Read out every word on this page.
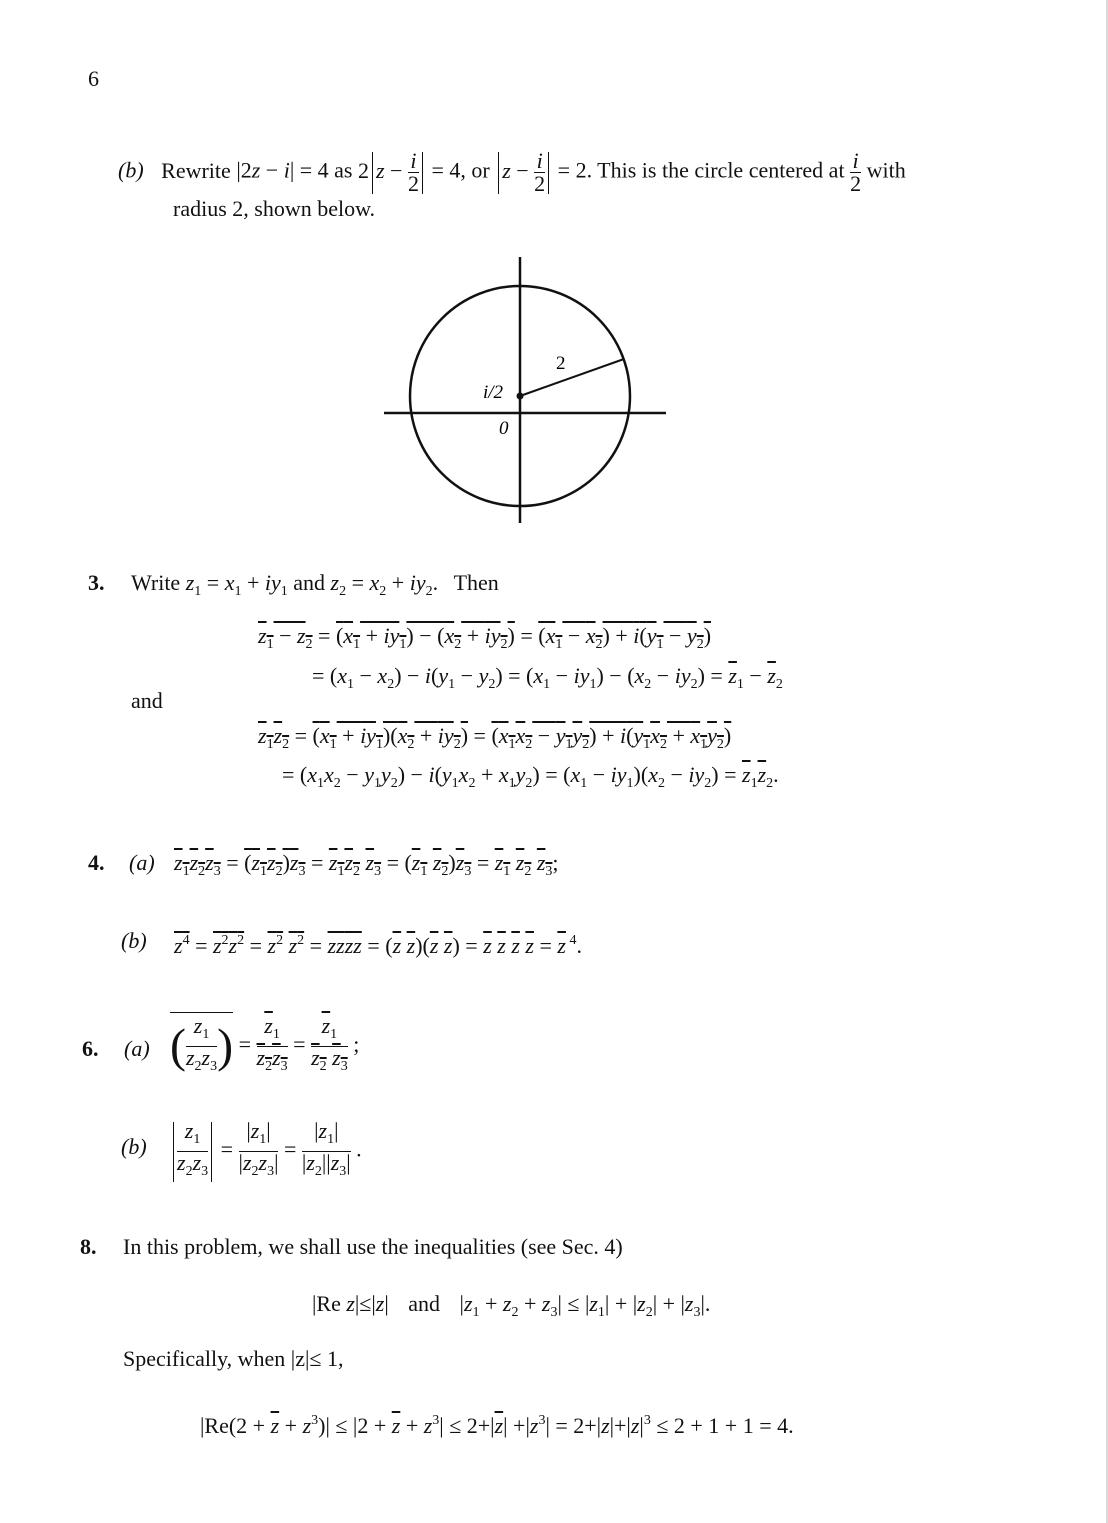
6
(b) Rewrite |2z − i| = 4 as 2 $z - \frac{i}{2} = 4$, or $z - \frac{i}{2} = 2$. This is the circle centered at $\frac{i}{2}$ with
radius 2, shown below.
i/2
0
2
3. Write $z_1 = x_1 + iy_1$ and $z_2 = x_2 + iy_2$. Then
$z_1 - z_2 = (x_1 + iy_1) - (x_2 + iy_2) = (x_1 - x_2) + i(y_1 - y_2)$
= $(x_1 - x_2) - i(y_1 - y_2) = (x_1 - iy_1) - (x_2 - iy_2) = \overline{z}_1 - \overline{z}_2$
and
$z_1z_2 = (x_1 + iy_1)(x_2 + iy_2) = (x_1x_2 - y_1y_2) + i(y_1x_2 + x_1y_2)$
= $(x_1x_2 - y_1y_2) - i(y_1x_2 + x_1y_2) = (x_1 - iy_1)(x_2 - iy_2) = \overline{z}_1\overline{z}_2$.
4. (a) $z_1z_2z_3 = (z_1z_2)z_3 = z_1z_2$ $z_3 = (z_1$ $z_2)z_3 = z_1$ $z_2$ $z_3$;
(b) $z^4 = z^2z^2 = z^2$ $z^2 = \overline{zz}\overline{zz} = (\overline{z}$ $\overline{z})(\overline{z}$ $\overline{z}) = \overline{z}$ $\overline{z}$ $\overline{z}$ $\overline{z} = \overline{z}$ $^4$.
6. (a) ( $\frac{z_1}{z_2z_3}$ ) = $\frac{\overline{z}_1}{z_2z_3} = \frac{\overline{z}_1}{z_2 z_3}$ ;
$(b) \frac{z_1}{z_2z_3} = \frac{|z_1|}{|z_2z_3|} = \frac{|z_1|}{|z_2||z_3|}$ .
8. In this problem, we shall use the inequalities (see Sec. 4)
|Re z|≤|z| and $|z_1 + z_2 + z_3| \le |z_1| + |z_2| + |z_3|$.
Specifically, when |z|≤ 1,
$|Re(2 + \overline{z} + z^3)| \le |2 + \overline{z} + z^3| \le 2+|\overline{z}| +|z^3| = 2+|z|+|z|^3 \le 2 + 1 + 1 = 4$.
